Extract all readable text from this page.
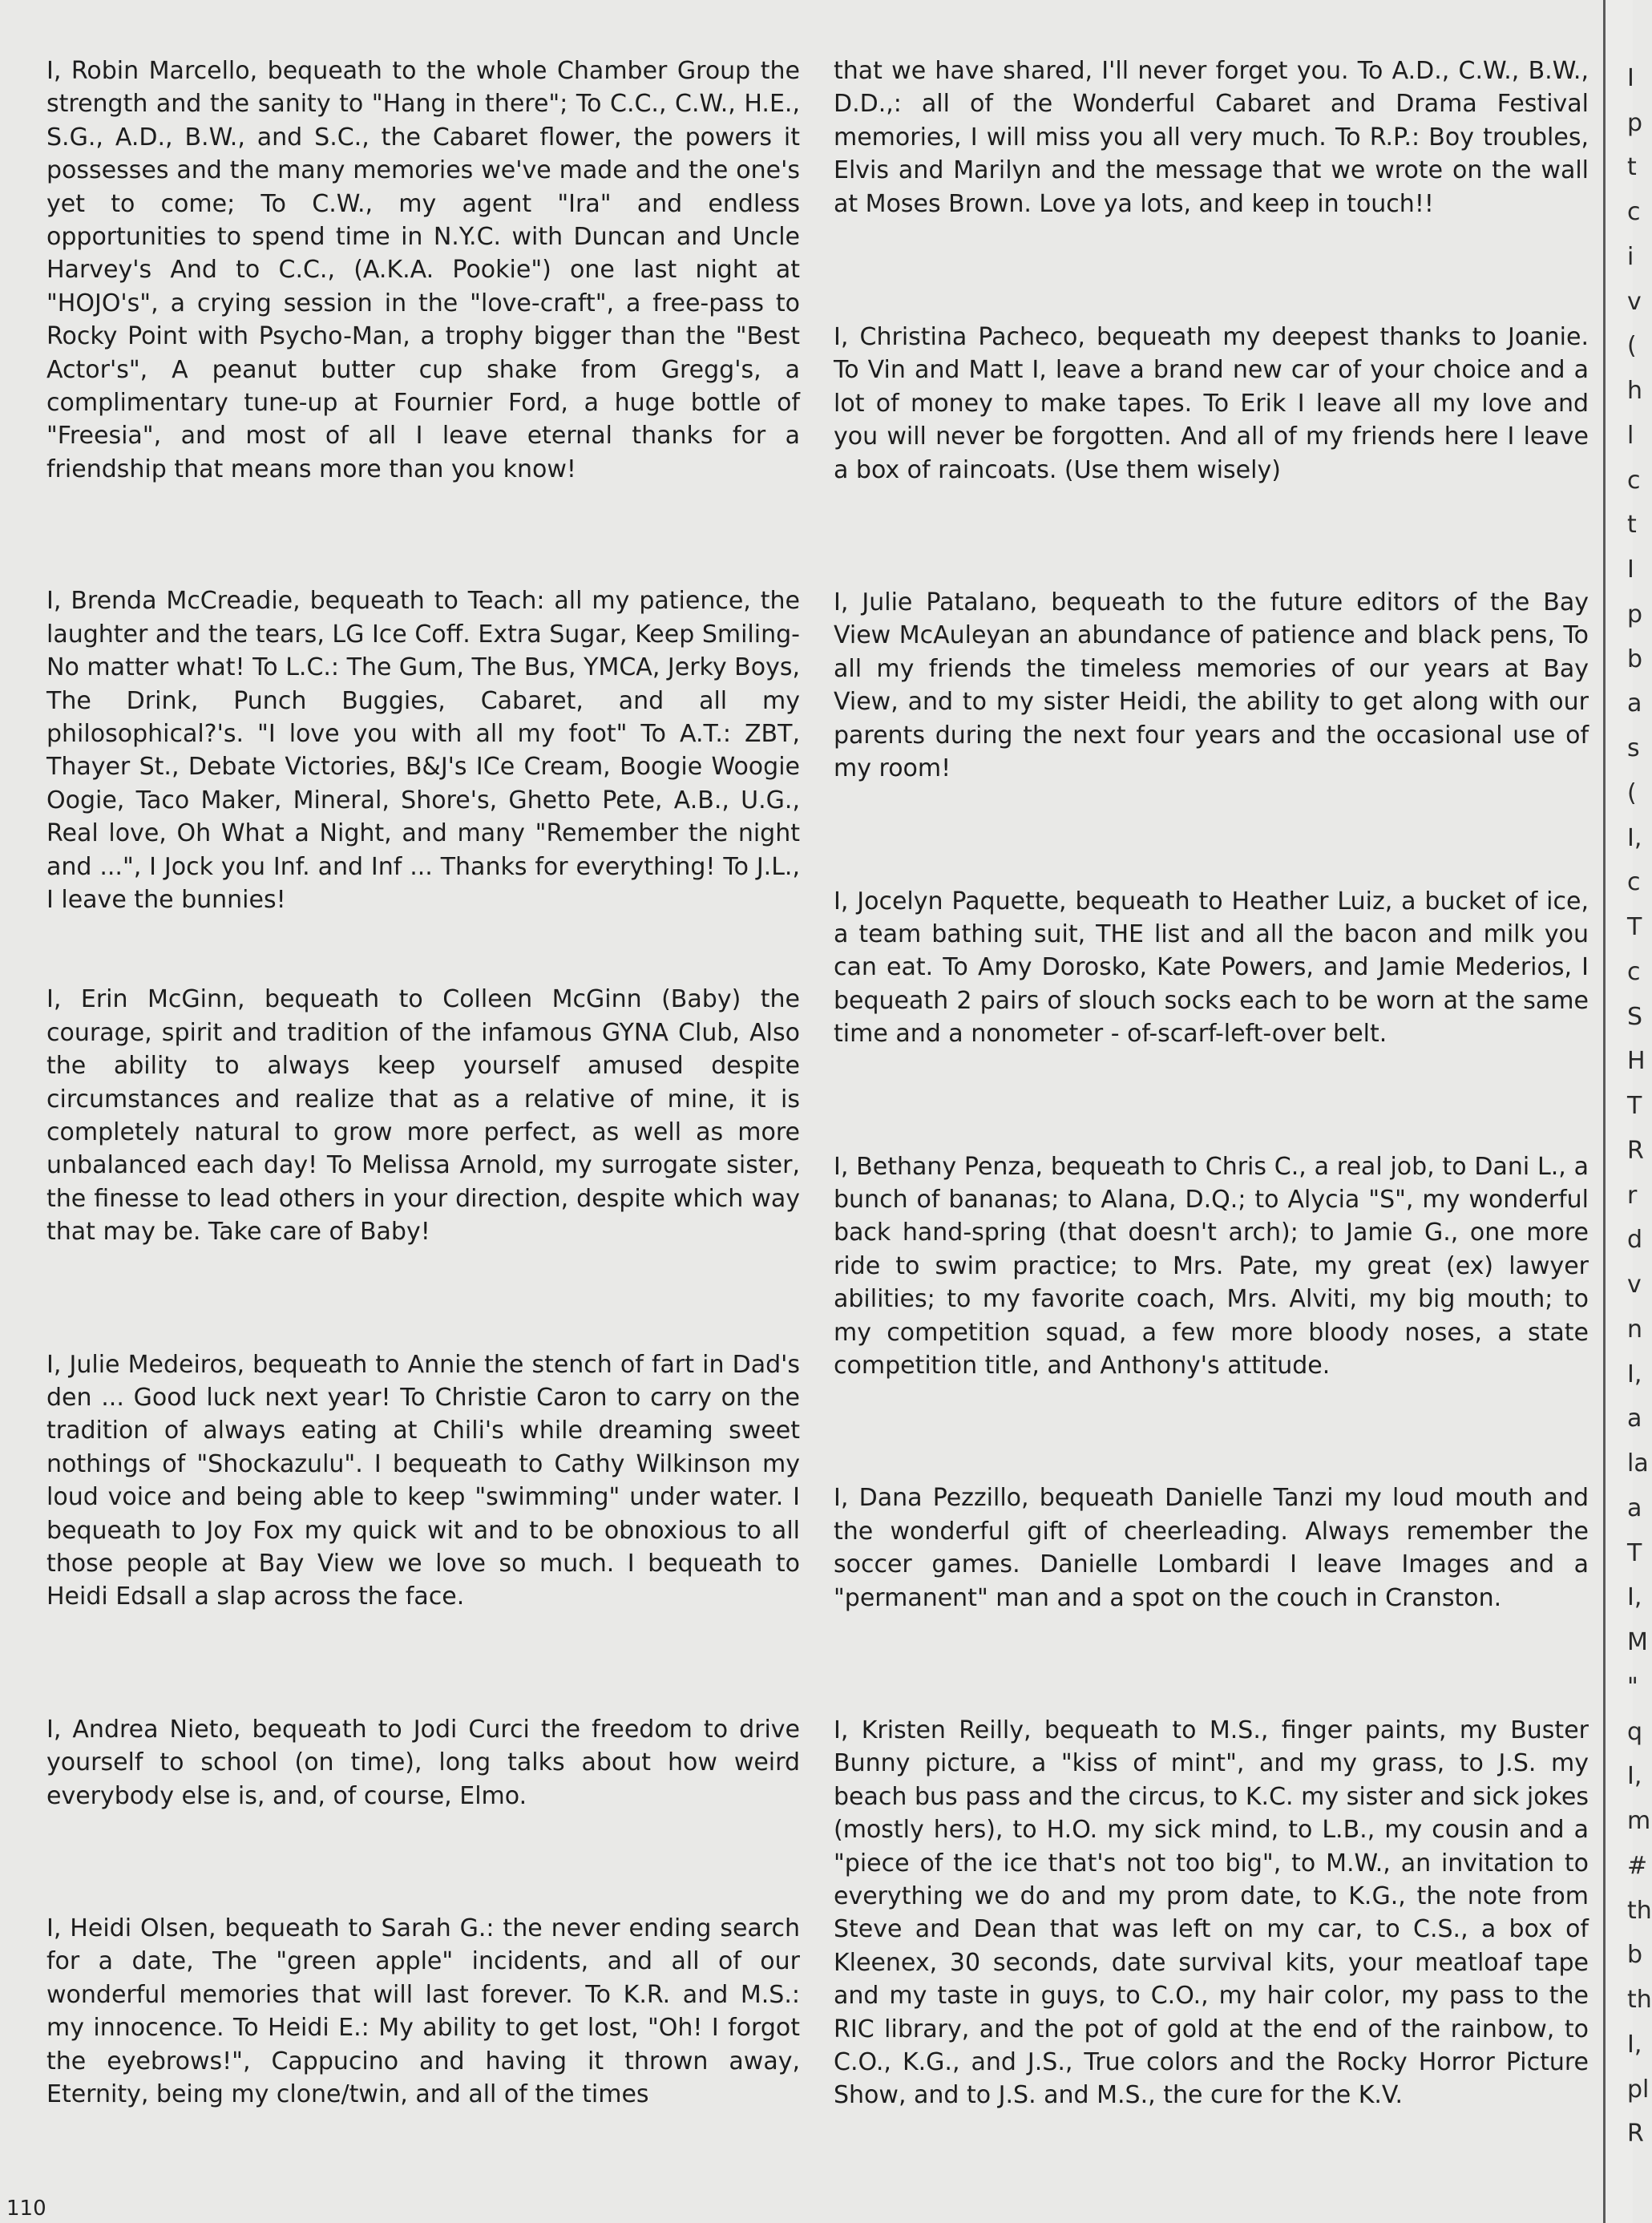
I, Robin Marcello, bequeath to the whole Chamber Group the strength and the sanity to "Hang in there"; To C.C., C.W., H.E., S.G., A.D., B.W., and S.C., the Cabaret flower, the powers it possesses and the many memories we've made and the one's yet to come; To C.W., my agent "Ira" and endless opportunities to spend time in N.Y.C. with Duncan and Uncle Harvey's And to C.C., (A.K.A. Pookie") one last night at "HOJO's", a crying session in the "love-craft", a free-pass to Rocky Point with Psycho-Man, a trophy bigger than the "Best Actor's", A peanut butter cup shake from Gregg's, a complimentary tune-up at Fournier Ford, a huge bottle of "Freesia", and most of all I leave eternal thanks for a friendship that means more than you know!

I, Brenda McCreadie, bequeath to Teach: all my patience, the laughter and the tears, LG Ice Coff. Extra Sugar, Keep Smiling-No matter what! To L.C.: The Gum, The Bus, YMCA, Jerky Boys, The Drink, Punch Buggies, Cabaret, and all my philosophical?'s. "I love you with all my foot" To A.T.: ZBT, Thayer St., Debate Victories, B&J's ICe Cream, Boogie Woogie Oogie, Taco Maker, Mineral, Shore's, Ghetto Pete, A.B., U.G., Real love, Oh What a Night, and many "Remember the night and ...", I Jock you Inf. and Inf ... Thanks for everything! To J.L., I leave the bunnies!

I, Erin McGinn, bequeath to Colleen McGinn (Baby) the courage, spirit and tradition of the infamous GYNA Club, Also the ability to always keep yourself amused despite circumstances and realize that as a relative of mine, it is completely natural to grow more perfect, as well as more unbalanced each day! To Melissa Arnold, my surrogate sister, the finesse to lead others in your direction, despite which way that may be. Take care of Baby!

I, Julie Medeiros, bequeath to Annie the stench of fart in Dad's den ... Good luck next year! To Christie Caron to carry on the tradition of always eating at Chili's while dreaming sweet nothings of "Shockazulu". I bequeath to Cathy Wilkinson my loud voice and being able to keep "swimming" under water. I bequeath to Joy Fox my quick wit and to be obnoxious to all those people at Bay View we love so much. I bequeath to Heidi Edsall a slap across the face.

I, Andrea Nieto, bequeath to Jodi Curci the freedom to drive yourself to school (on time), long talks about how weird everybody else is, and, of course, Elmo.

I, Heidi Olsen, bequeath to Sarah G.: the never ending search for a date, The "green apple" incidents, and all of our wonderful memories that will last forever. To K.R. and M.S.: my innocence. To Heidi E.: My ability to get lost, "Oh! I forgot the eyebrows!", Cappucino and having it thrown away, Eternity, being my clone/twin, and all of the times

that we have shared, I'll never forget you. To A.D., C.W., B.W., D.D.,: all of the Wonderful Cabaret and Drama Festival memories, I will miss you all very much. To R.P.: Boy troubles, Elvis and Marilyn and the message that we wrote on the wall at Moses Brown. Love ya lots, and keep in touch!!

I, Christina Pacheco, bequeath my deepest thanks to Joanie. To Vin and Matt I, leave a brand new car of your choice and a lot of money to make tapes. To Erik I leave all my love and you will never be forgotten. And all of my friends here I leave a box of raincoats. (Use them wisely)

I, Julie Patalano, bequeath to the future editors of the Bay View McAuleyan an abundance of patience and black pens, To all my friends the timeless memories of our years at Bay View, and to my sister Heidi, the ability to get along with our parents during the next four years and the occasional use of my room!

I, Jocelyn Paquette, bequeath to Heather Luiz, a bucket of ice, a team bathing suit, THE list and all the bacon and milk you can eat. To Amy Dorosko, Kate Powers, and Jamie Mederios, I bequeath 2 pairs of slouch socks each to be worn at the same time and a nonometer - of-scarf-left-over belt.

I, Bethany Penza, bequeath to Chris C., a real job, to Dani L., a bunch of bananas; to Alana, D.Q.; to Alycia "S", my wonderful back hand-spring (that doesn't arch); to Jamie G., one more ride to swim practice; to Mrs. Pate, my great (ex) lawyer abilities; to my favorite coach, Mrs. Alviti, my big mouth; to my competition squad, a few more bloody noses, a state competition title, and Anthony's attitude.

I, Dana Pezzillo, bequeath Danielle Tanzi my loud mouth and the wonderful gift of cheerleading. Always remember the soccer games. Danielle Lombardi I leave Images and a "permanent" man and a spot on the couch in Cranston.

I, Kristen Reilly, bequeath to M.S., finger paints, my Buster Bunny picture, a "kiss of mint", and my grass, to J.S. my beach bus pass and the circus, to K.C. my sister and sick jokes (mostly hers), to H.O. my sick mind, to L.B., my cousin and a "piece of the ice that's not too big", to M.W., an invitation to everything we do and my prom date, to K.G., the note from Steve and Dean that was left on my car, to C.S., a box of Kleenex, 30 seconds, date survival kits, your meatloaf tape and my taste in guys, to C.O., my hair color, my pass to the RIC library, and the pot of gold at the end of the rainbow, to C.O., K.G., and J.S., True colors and the Rocky Horror Picture Show, and to J.S. and M.S., the cure for the K.V.

110
I
p
t
c
i
v
(
h
l
c
t
I
p
b
a
s
(
I,
c
T
c
S
H
T
R
r
d
v
n
I,
a
la
a
T
I,
M
"
q
I,
m
#
th
b
th
I,
pl
R
